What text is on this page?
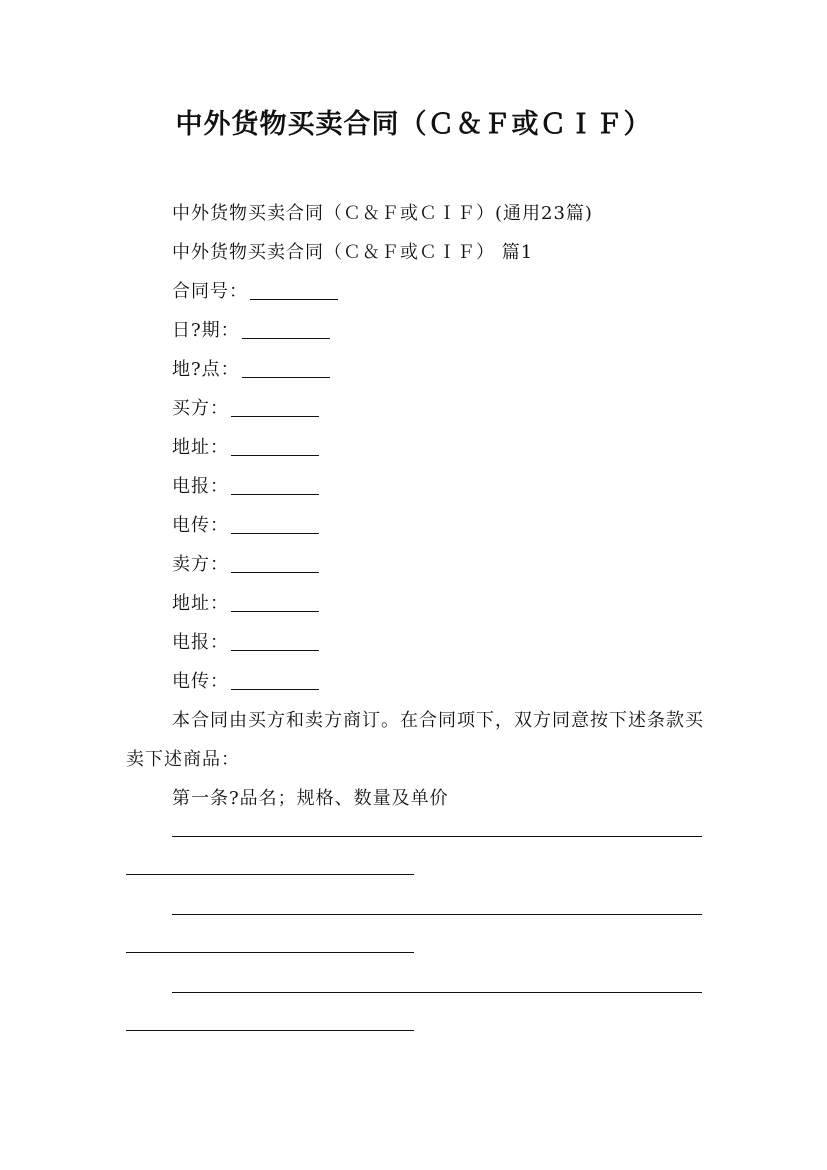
中外货物买卖合同（Ｃ＆Ｆ或ＣＩＦ）
中外货物买卖合同（Ｃ＆Ｆ或ＣＩＦ）(通用23篇)
中外货物买卖合同（Ｃ＆Ｆ或ＣＩＦ） 篇1
合同号：
日?期：
地?点：
买方：
地址：
电报：
电传：
卖方：
地址：
电报：
电传：
本合同由买方和卖方商订。在合同项下，双方同意按下述条款买卖下述商品：
第一条?品名；规格、数量及单价
